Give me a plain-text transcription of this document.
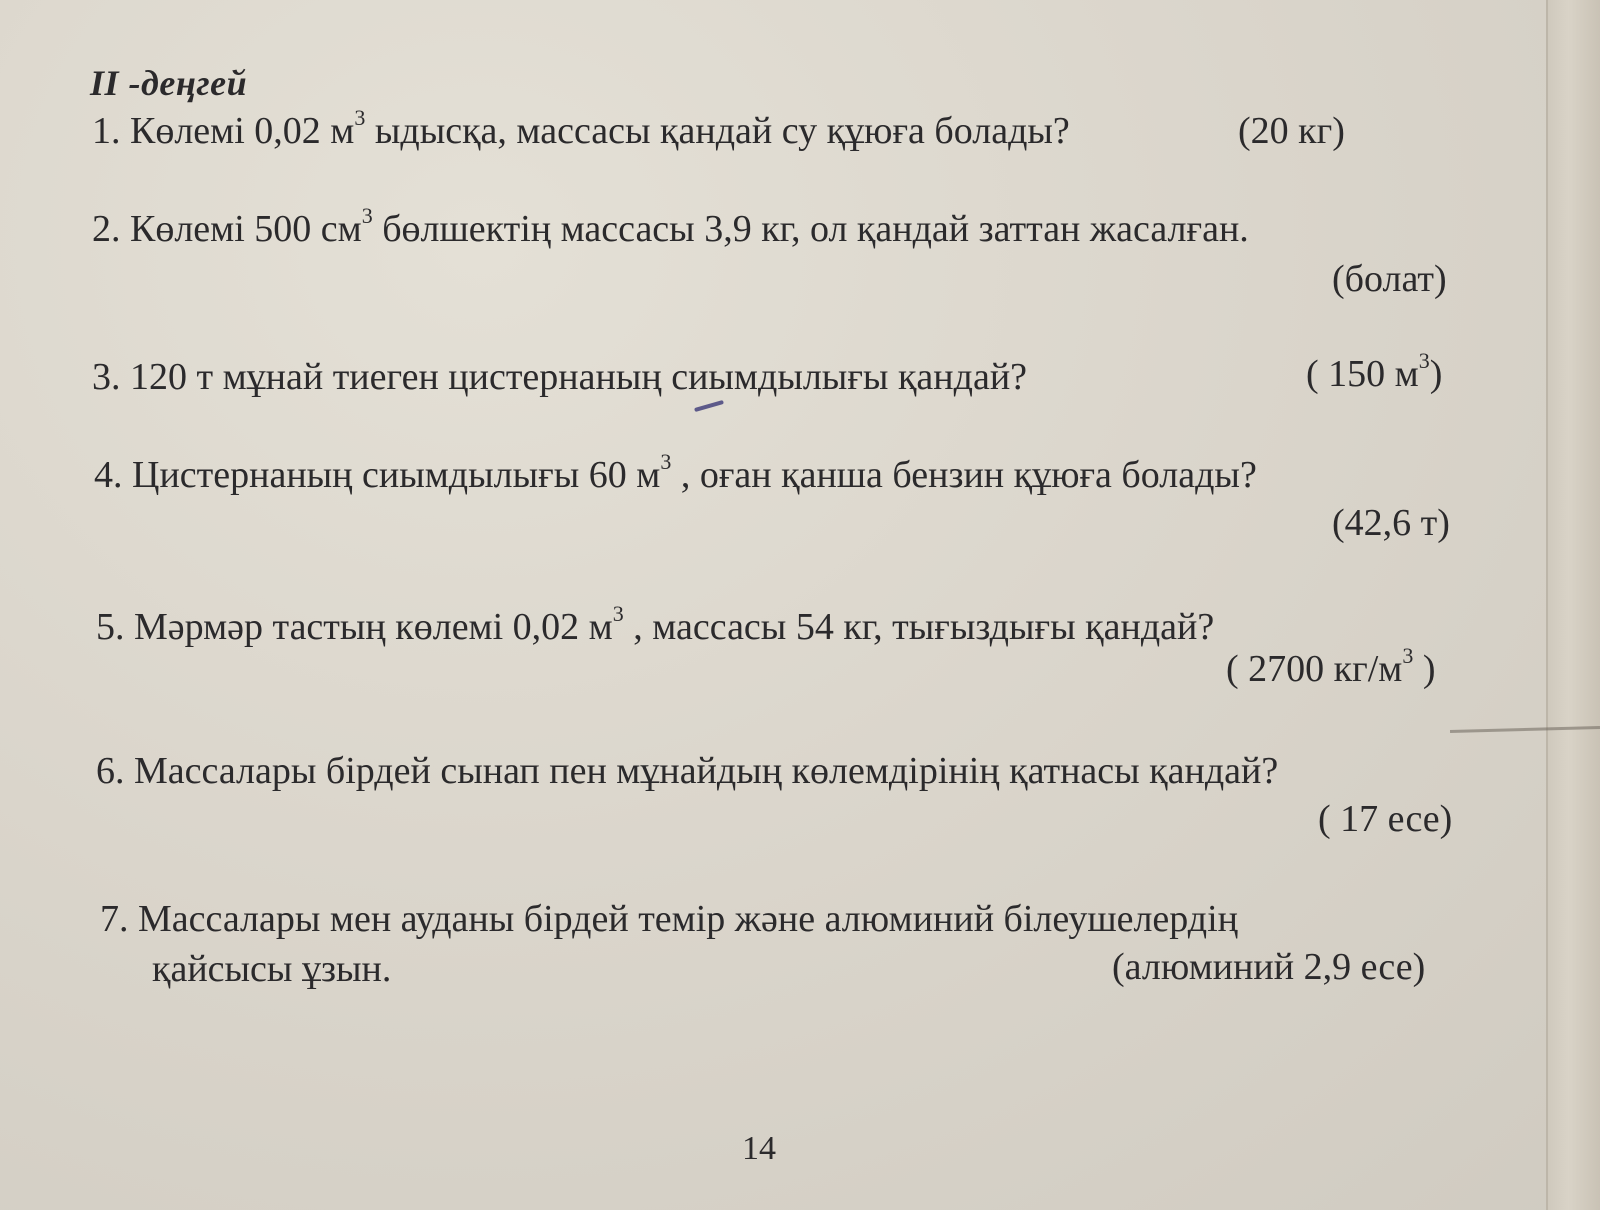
II -деңгей
1. Көлемі 0,02 $м^3$ ыдысқа, массасы қандай су құюға болады?	(20 кг)
2. Көлемі 500 $см^3$ бөлшектің массасы 3,9 кг, ол қандай заттан жасалған.
(болат)
3. 120 т мұнай тиеген цистернаның сиымдылығы қандай?	( 150 $м^3$)
4. Цистернаның сиымдылығы 60 $м^3$ , оған қанша бензин құюға болады?
(42,6 т)
5. Мәрмәр тастың көлемі 0,02 $м^3$ , массасы 54 кг, тығыздығы қандай?
( 2700 $кг/м^3$ )
6. Массалары бірдей сынап пен мұнайдың көлемдірінің қатнасы қандай?
( 17 есе)
7. Массалары мен ауданы бірдей темір және алюминий білеушелердің
қайсысы ұзын.	(алюминий 2,9 есе)
14
